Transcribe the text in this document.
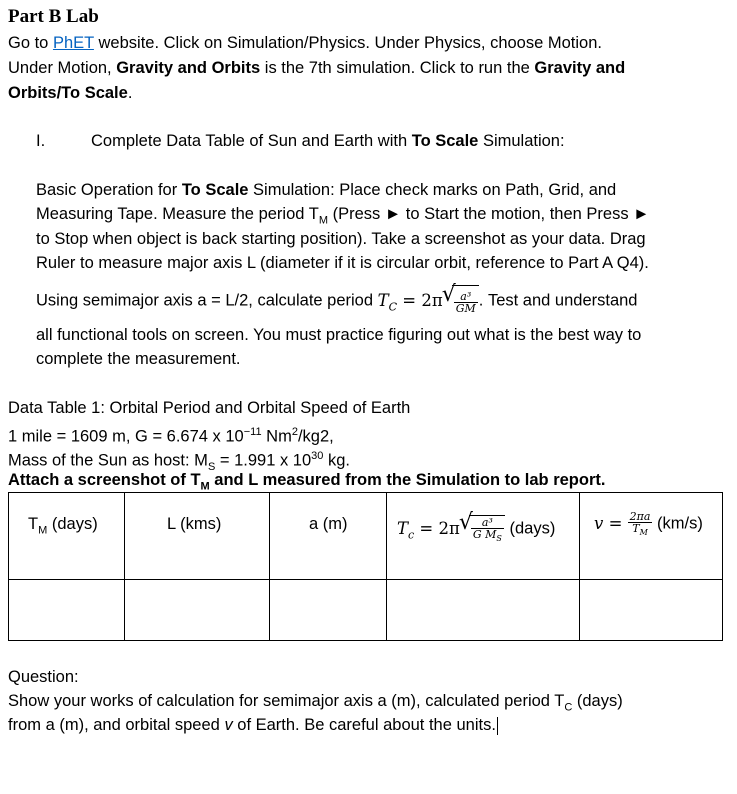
Part B Lab
Go to PhET website. Click on Simulation/Physics. Under Physics, choose Motion.
Under Motion, Gravity and Orbits is the 7th simulation. Click to run the Gravity and
Orbits/To Scale.
I.	Complete Data Table of Sun and Earth with To Scale Simulation:
Basic Operation for To Scale Simulation: Place check marks on Path, Grid, and
Measuring Tape. Measure the period $T_M$ (Press ► to Start the motion, then Press ►
to Stop when object is back starting position). Take a screenshot as your data. Drag
Ruler to measure major axis L (diameter if it is circular orbit, reference to Part A Q4).
Using semimajor axis a = L/2, calculate period $T_C = 2\pi$ √ $\frac{\text{a³}}{GM}$ . Test and understand
all functional tools on screen. You must practice figuring out what is the best way to
complete the measurement.
Data Table 1: Orbital Period and Orbital Speed of Earth
1 mile = 1609 m, G = 6.674 x $10^{-11}$ Nm$^2$/kg2,
Mass of the Sun as host: $M_S = 1.991$ x $10^{30}$ kg.
Attach a screenshot of $T_M$ and L measured from the Simulation to lab report.
$T_M$ (days)	L (kms)	a (m)	$T_c = 2\pi$ √ $\frac{\text{a³}}{G M_S}$ (days)	$v = \frac{2\pi a}{T_M} (km/s)$

Question:
Show your works of calculation for semimajor axis a (m), calculated period $T_C$ (days)
from a (m), and orbital speed v of Earth. Be careful about the units.
